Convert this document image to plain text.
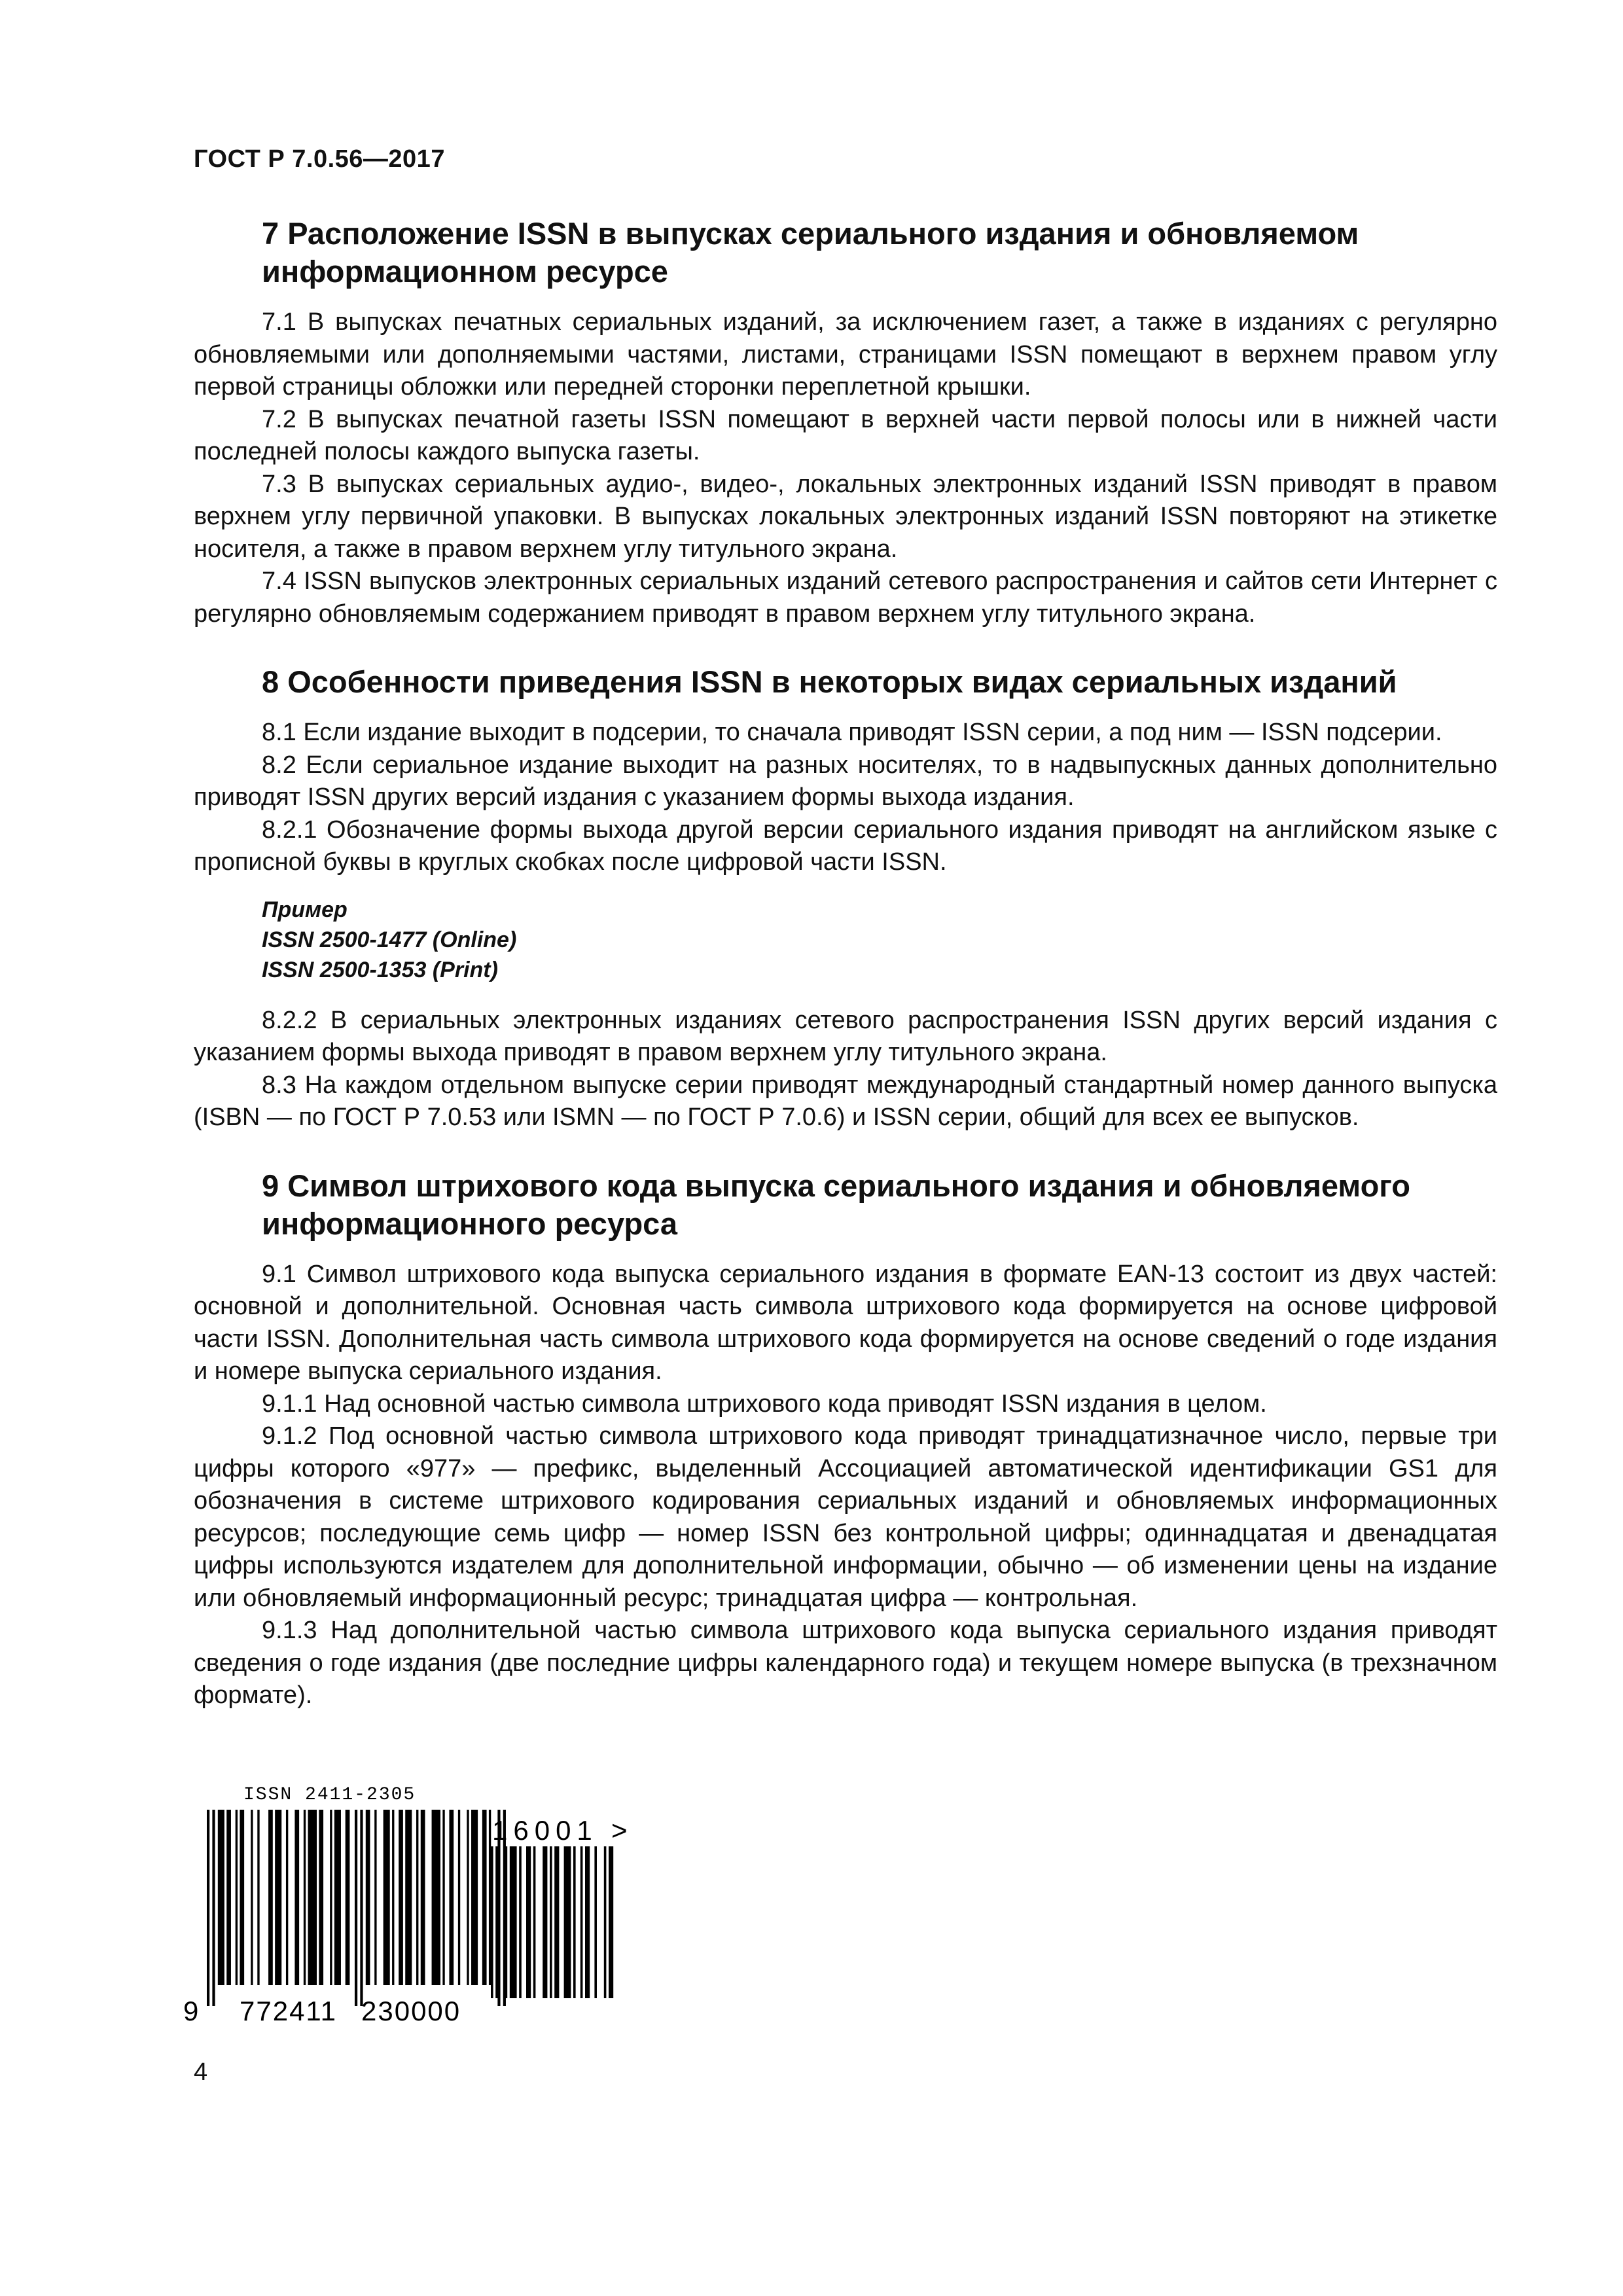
ГОСТ Р 7.0.56—2017
7 Расположение ISSN в выпусках сериального издания и обновляемом информационном ресурсе

7.1 В выпусках печатных сериальных изданий, за исключением газет, а также в изданиях с регулярно обновляемыми или дополняемыми частями, листами, страницами ISSN помещают в верхнем правом углу первой страницы обложки или передней сторонки переплетной крышки.

7.2 В выпусках печатной газеты ISSN помещают в верхней части первой полосы или в нижней части последней полосы каждого выпуска газеты.

7.3 В выпусках сериальных аудио-, видео-, локальных электронных изданий ISSN приводят в правом верхнем углу первичной упаковки. В выпусках локальных электронных изданий ISSN повторяют на этикетке носителя, а также в правом верхнем углу титульного экрана.

7.4 ISSN выпусков электронных сериальных изданий сетевого распространения и сайтов сети Интернет с регулярно обновляемым содержанием приводят в правом верхнем углу титульного экрана.

8 Особенности приведения ISSN в некоторых видах сериальных изданий

8.1 Если издание выходит в подсерии, то сначала приводят ISSN серии, а под ним — ISSN подсерии.

8.2 Если сериальное издание выходит на разных носителях, то в надвыпускных данных дополнительно приводят ISSN других версий издания с указанием формы выхода издания.

8.2.1 Обозначение формы выхода другой версии сериального издания приводят на английском языке с прописной буквы в круглых скобках после цифровой части ISSN.

Пример
ISSN 2500-1477 (Online)
ISSN 2500-1353 (Print)

8.2.2 В сериальных электронных изданиях сетевого распространения ISSN других версий издания с указанием формы выхода приводят в правом верхнем углу титульного экрана.

8.3 На каждом отдельном выпуске серии приводят международный стандартный номер данного выпуска (ISBN — по ГОСТ Р 7.0.53 или ISMN — по ГОСТ Р 7.0.6) и ISSN серии, общий для всех ее выпусков.

9 Символ штрихового кода выпуска сериального издания и обновляемого информационного ресурса

9.1 Символ штрихового кода выпуска сериального издания в формате EAN-13 состоит из двух частей: основной и дополнительной. Основная часть символа штрихового кода формируется на основе цифровой части ISSN. Дополнительная часть символа штрихового кода формируется на основе сведений о годе издания и номере выпуска сериального издания.

9.1.1 Над основной частью символа штрихового кода приводят ISSN издания в целом.

9.1.2 Под основной частью символа штрихового кода приводят тринадцатизначное число, первые три цифры которого «977» — префикс, выделенный Ассоциацией автоматической идентификации GS1 для обозначения в системе штрихового кодирования сериальных изданий и обновляемых информационных ресурсов; последующие семь цифр — номер ISSN без контрольной цифры; одиннадцатая и двенадцатая цифры используются издателем для дополнительной информации, обычно — об изменении цены на издание или обновляемый информационный ресурс; тринадцатая цифра — контрольная.

9.1.3 Над дополнительной частью символа штрихового кода выпуска сериального издания приводят сведения о годе издания (две последние цифры календарного года) и текущем номере выпуска (в трехзначном формате).

ISSN 2411-2305
9 772411 230000
16001 >
4
